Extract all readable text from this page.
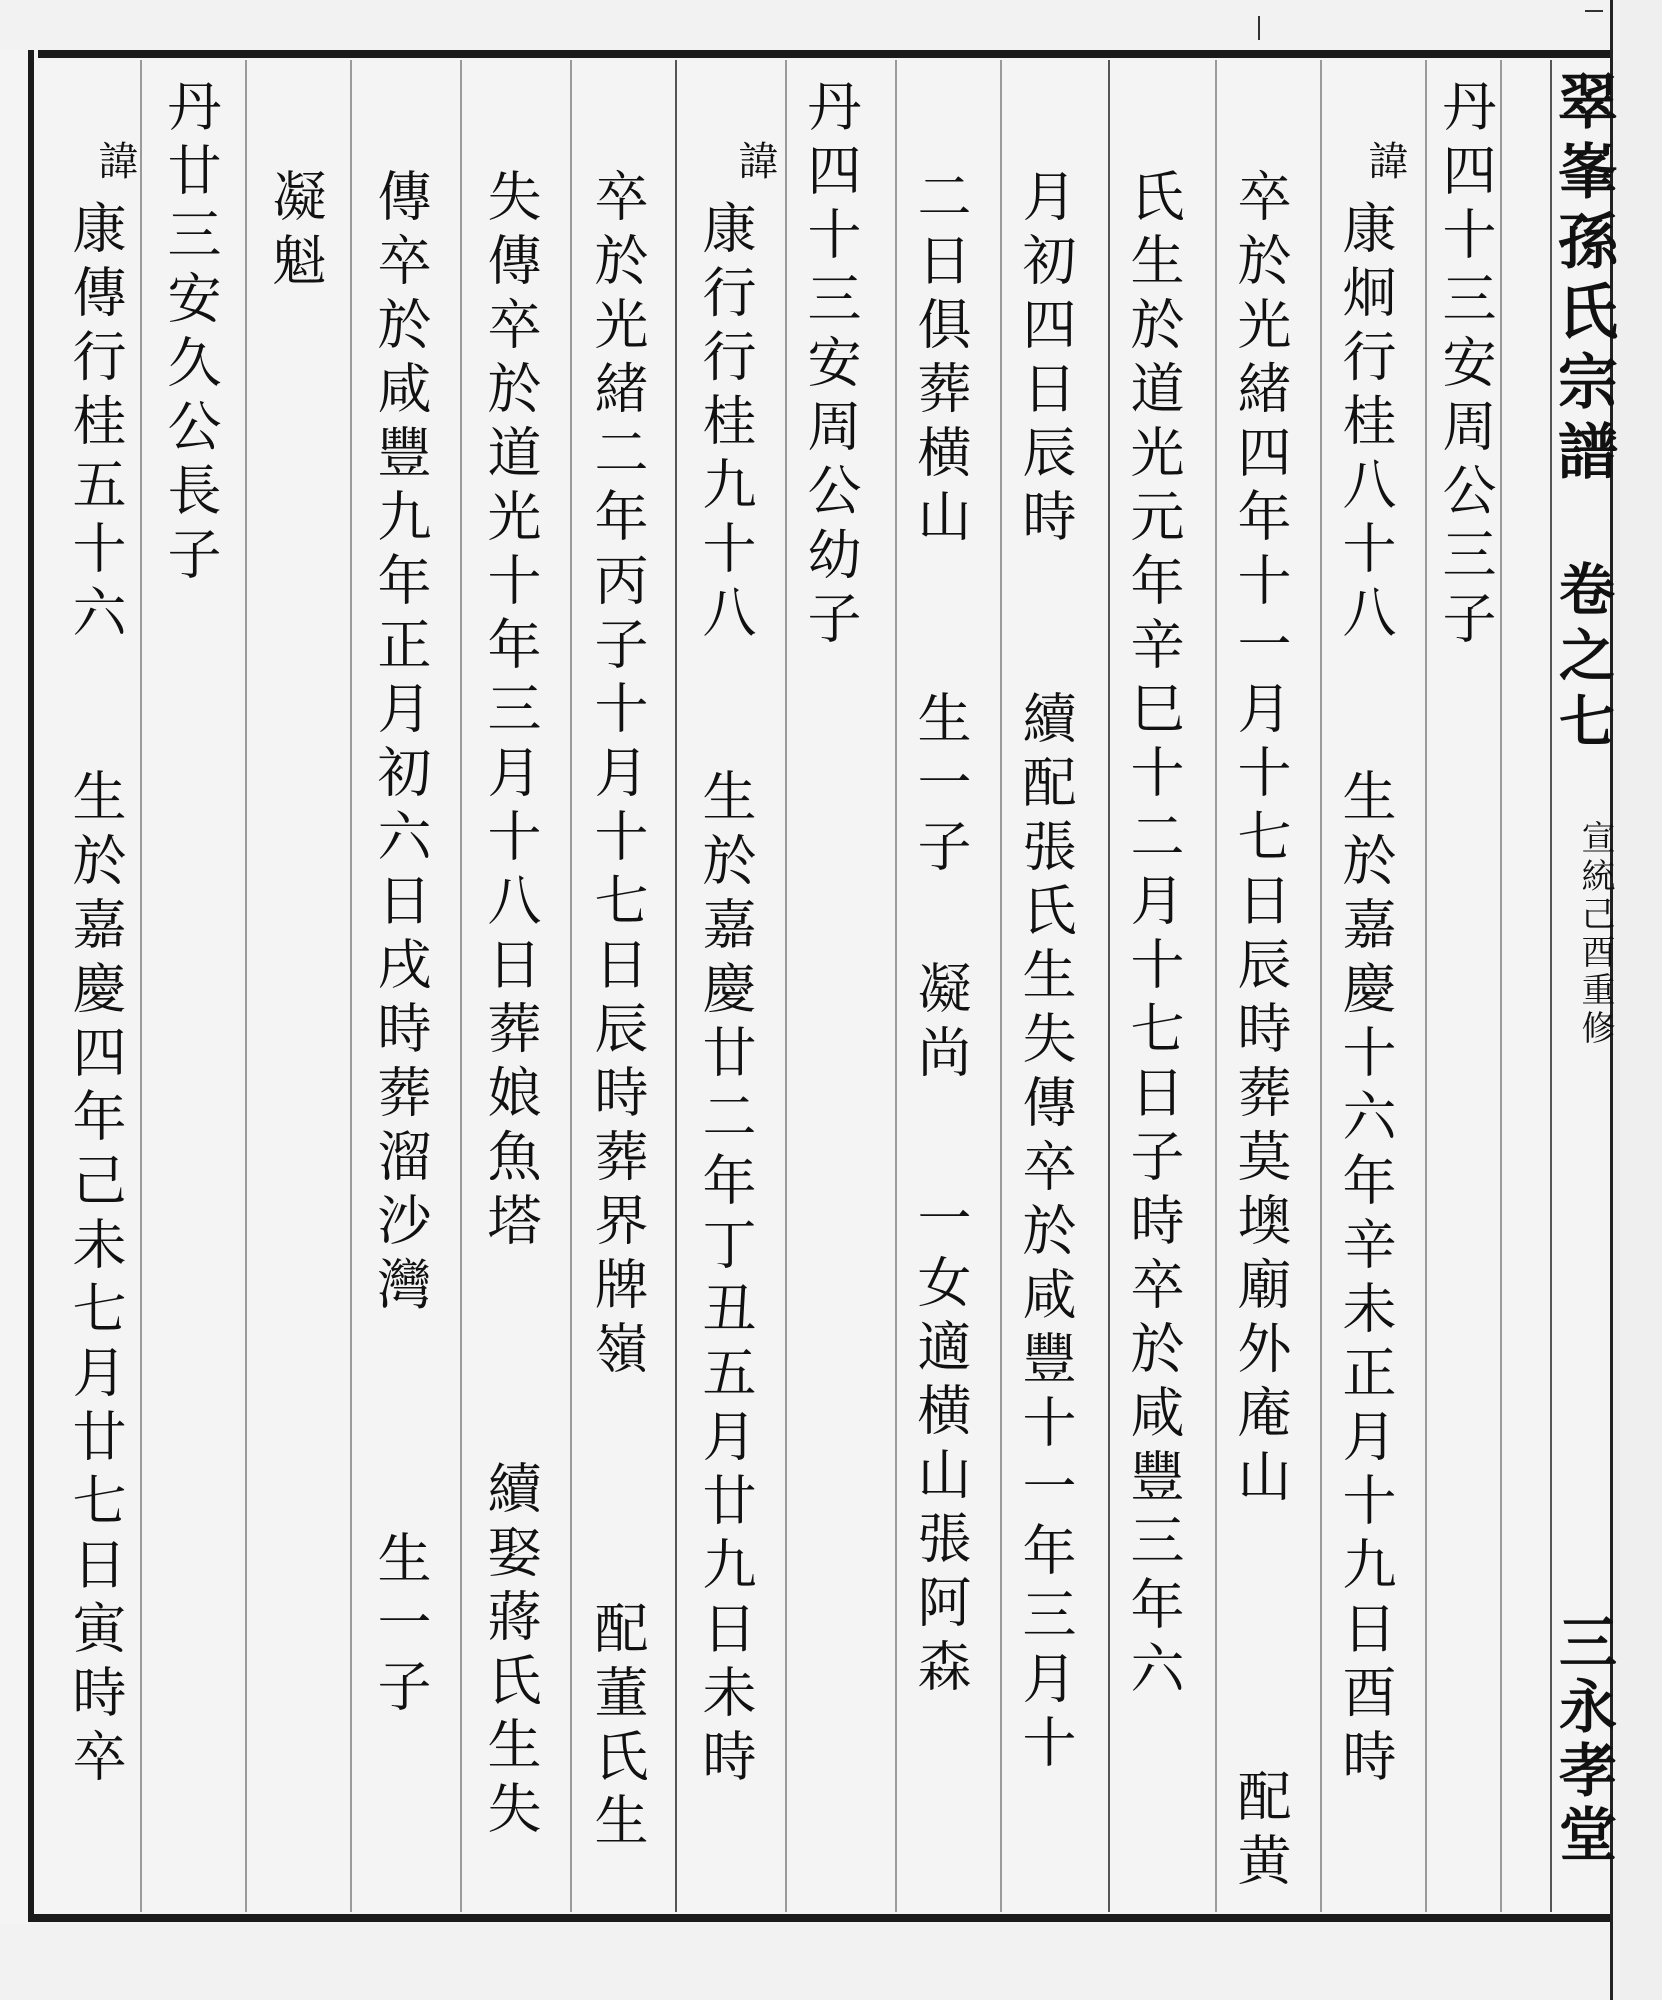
翠峯孫氏宗譜
卷之七
宣統己酉重修
三永孝堂
丹四十三安周公三子
諱
康炯行桂八十八
生於嘉慶十六年辛未正月十九日酉時
卒於光緒四年十一月十七日辰時葬莫墺廟外庵山
配黄
氏生於道光元年辛巳十二月十七日子時卒於咸豐三年六
月初四日辰時
續配張氏生失傳卒於咸豐十一年三月十
二日俱葬横山
生一子
凝尚
一女適横山張阿森
丹四十三安周公幼子
諱
康行行桂九十八
生於嘉慶廿二年丁丑五月廿九日未時
卒於光緒二年丙子十月十七日辰時葬界牌嶺
配董氏生
失傳卒於道光十年三月十八日葬娘魚塔
續娶蔣氏生失
傳卒於咸豐九年正月初六日戌時葬溜沙灣
生一子
凝魁
丹廿三安久公長子
諱
康傳行桂五十六
生於嘉慶四年己未七月廿七日寅時卒
